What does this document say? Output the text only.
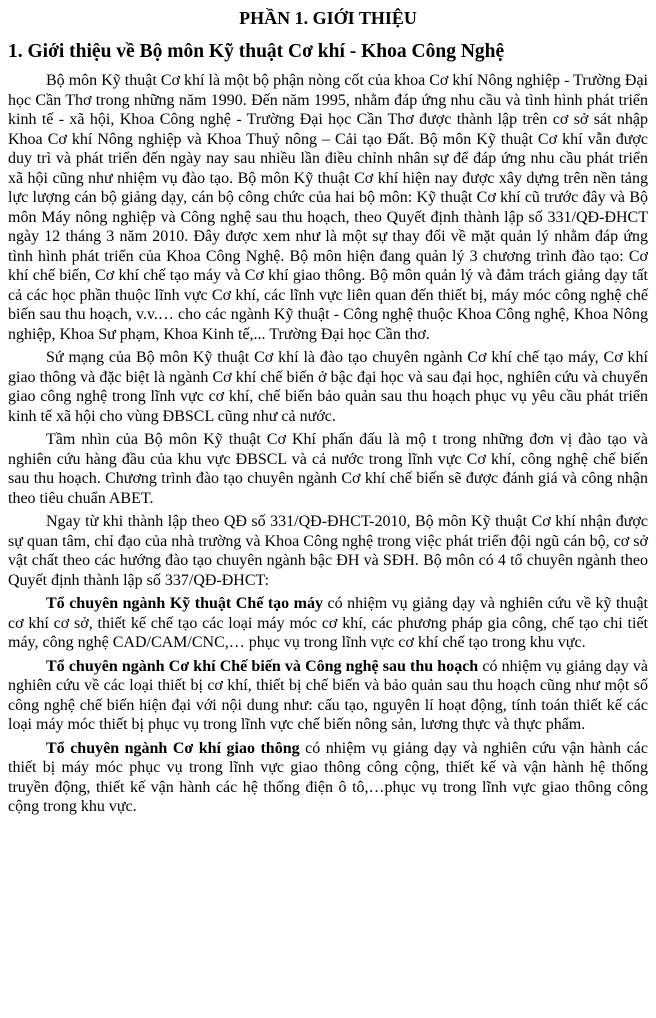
PHẦN 1. GIỚI THIỆU
1. Giới thiệu về Bộ môn Kỹ thuật Cơ khí - Khoa Công Nghệ

Bộ môn Kỹ thuật Cơ khí là một bộ phận nòng cốt của khoa Cơ khí Nông nghiệp - Trường Đại học Cần Thơ trong những năm 1990. Đến năm 1995, nhằm đáp ứng nhu cầu và tình hình phát triển kinh tế - xã hội, Khoa Công nghệ - Trường Đại học Cần Thơ được thành lập trên cơ sở sát nhập Khoa Cơ khí Nông nghiệp và Khoa Thuỷ nông – Cải tạo Đất. Bộ môn Kỹ thuật Cơ khí vẫn được duy trì và phát triển đến ngày nay sau nhiều lần điều chỉnh nhân sự để đáp ứng nhu cầu phát triển xã hội cũng như nhiệm vụ đào tạo. Bộ môn Kỹ thuật Cơ khí hiện nay được xây dựng trên nền tảng lực lượng cán bộ giảng dạy, cán bộ công chức của hai bộ môn: Kỹ thuật Cơ khí cũ trước đây và Bộ môn Máy nông nghiệp và Công nghệ sau thu hoạch, theo Quyết định thành lập số 331/QĐ-ĐHCT ngày 12 tháng 3 năm 2010. Đây được xem như là một sự thay đổi về mặt quản lý nhằm đáp ứng tình hình phát triển của Khoa Công Nghệ. Bộ môn hiện đang quản lý 3 chương trình đào tạo: Cơ khí chế biến, Cơ khí chế tạo máy và Cơ khí giao thông. Bộ môn quản lý và đảm trách giảng dạy tất cả các học phần thuộc lĩnh vực Cơ khí, các lĩnh vực liên quan đến thiết bị, máy móc công nghệ chế biến sau thu hoạch, v.v.… cho các ngành Kỹ thuật - Công nghệ thuộc Khoa Công nghệ, Khoa Nông nghiệp, Khoa Sư phạm, Khoa Kinh tế,... Trường Đại học Cần thơ.

Sứ mạng của Bộ môn Kỹ thuật Cơ khí là đào tạo chuyên ngành Cơ khí chế tạo máy, Cơ khí giao thông và đặc biệt là ngành Cơ khí chế biến ở bậc đại học và sau đại học, nghiên cứu và chuyển giao công nghệ trong lĩnh vực cơ khí, chế biến bảo quản sau thu hoạch phục vụ yêu cầu phát triển kinh tế xã hội cho vùng ĐBSCL cũng như cả nước.

Tầm nhìn của Bộ môn Kỹ thuật Cơ Khí phấn đấu là mộ t trong những đơn vị đào tạo và nghiên cứu hàng đầu của khu vực ĐBSCL và cả nước trong lĩnh vực Cơ khí, công nghệ chế biến sau thu hoạch. Chương trình đào tạo chuyên ngành Cơ khí chế biến sẽ được đánh giá và công nhận theo tiêu chuẩn ABET.

Ngay từ khi thành lập theo QĐ số 331/QĐ-ĐHCT-2010, Bộ môn Kỹ thuật Cơ khí nhận được sự quan tâm, chỉ đạo của nhà trường và Khoa Công nghệ trong việc phát triển đội ngũ cán bộ, cơ sở vật chất theo các hướng đào tạo chuyên ngành bậc ĐH và SĐH. Bộ môn có 4 tổ chuyên ngành theo Quyết định thành lập số 337/QĐ-ĐHCT:

Tổ chuyên ngành Kỹ thuật Chế tạo máy có nhiệm vụ giảng dạy và nghiên cứu về kỹ thuật cơ khí cơ sở, thiết kế chế tạo các loại máy móc cơ khí, các phương pháp gia công, chế tạo chi tiết máy, công nghệ CAD/CAM/CNC,… phục vụ trong lĩnh vực cơ khí chế tạo trong khu vực.

Tổ chuyên ngành Cơ khí Chế biến và Công nghệ sau thu hoạch có nhiệm vụ giảng dạy và nghiên cứu về các loại thiết bị cơ khí, thiết bị chế biến và bảo quản sau thu hoạch cũng như một số công nghệ chế biến hiện đại với nội dung như: cấu tạo, nguyên lí hoạt động, tính toán thiết kế các loại máy móc thiết bị phục vụ trong lĩnh vực chế biến nông sản, lương thực và thực phẩm.

Tổ chuyên ngành Cơ khí giao thông có nhiệm vụ giảng dạy và nghiên cứu vận hành các thiết bị máy móc phục vụ trong lĩnh vực giao thông công cộng, thiết kế và vận hành hệ thống truyền động, thiết kế vận hành các hệ thống điện ô tô,…phục vụ trong lĩnh vực giao thông công cộng trong khu vực.
